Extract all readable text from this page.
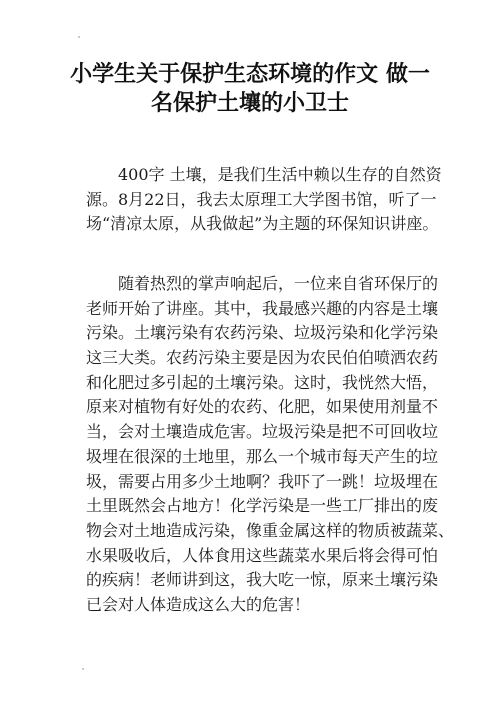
小学生关于保护生态环境的作文 做一
名保护土壤的小卫士
400字 土壤，是我们生活中赖以生存的自然资
源。8月22日，我去太原理工大学图书馆，听了一
场“清凉太原，从我做起”为主题的环保知识讲座。
随着热烈的掌声响起后，一位来自省环保厅的
老师开始了讲座。其中，我最感兴趣的内容是土壤
污染。土壤污染有农药污染、垃圾污染和化学污染
这三大类。农药污染主要是因为农民伯伯喷洒农药
和化肥过多引起的土壤污染。这时，我恍然大悟，
原来对植物有好处的农药、化肥，如果使用剂量不
当，会对土壤造成危害。垃圾污染是把不可回收垃
圾埋在很深的土地里，那么一个城市每天产生的垃
圾，需要占用多少土地啊？我吓了一跳！垃圾埋在
土里既然会占地方！化学污染是一些工厂排出的废
物会对土地造成污染，像重金属这样的物质被蔬菜、
水果吸收后，人体食用这些蔬菜水果后将会得可怕
的疾病！老师讲到这，我大吃一惊，原来土壤污染
已会对人体造成这么大的危害！
